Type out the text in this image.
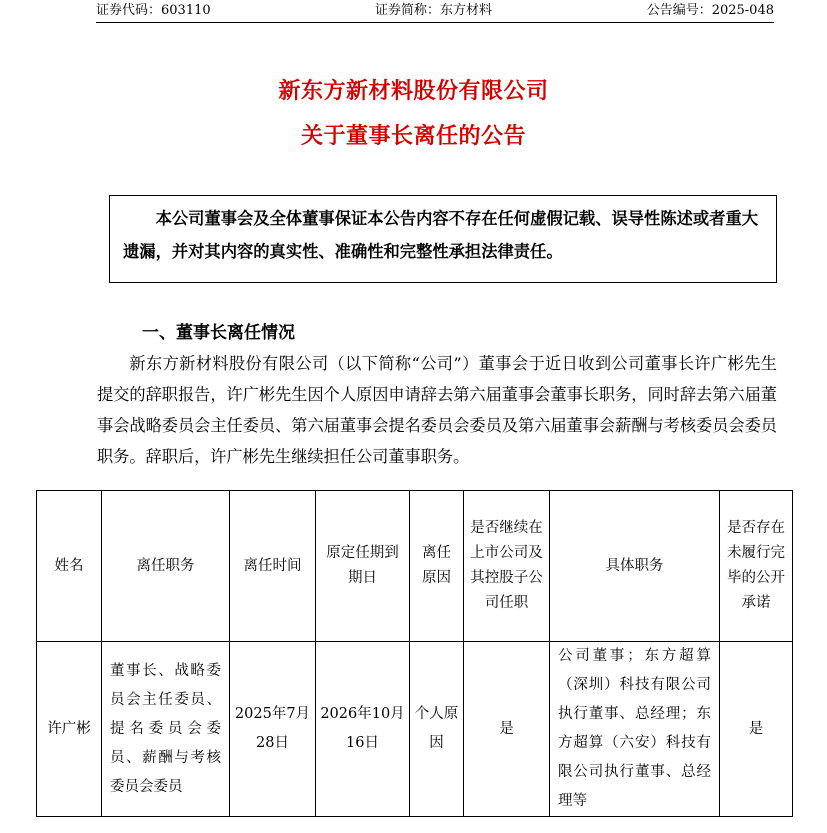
证券代码：603110	证券简称：东方材料	公告编号：2025-048
新东方新材料股份有限公司
关于董事长离任的公告

本公司董事会及全体董事保证本公告内容不存在任何虚假记载、误导性陈述或者重大遗漏，并对其内容的真实性、准确性和完整性承担法律责任。

一、董事长离任情况

新东方新材料股份有限公司（以下简称“公司”）董事会于近日收到公司董事长许广彬先生提交的辞职报告，许广彬先生因个人原因申请辞去第六届董事会董事长职务，同时辞去第六届董事会战略委员会主任委员、第六届董事会提名委员会委员及第六届董事会薪酬与考核委员会委员职务。辞职后，许广彬先生继续担任公司董事职务。

姓名	离任职务	离任时间	原定任期到期日	离任原因	是否继续在上市公司及其控股子公司任职	具体职务	是否存在未履行完毕的公开承诺
许广彬	董事长、战略委员会主任委员、提名委员会委员、薪酬与考核委员会委员	2025年7月28日	2026年10月16日	个人原因	是	公司董事；东方超算（深圳）科技有限公司执行董事、总经理；东方超算（六安）科技有限公司执行董事、总经理等	是
